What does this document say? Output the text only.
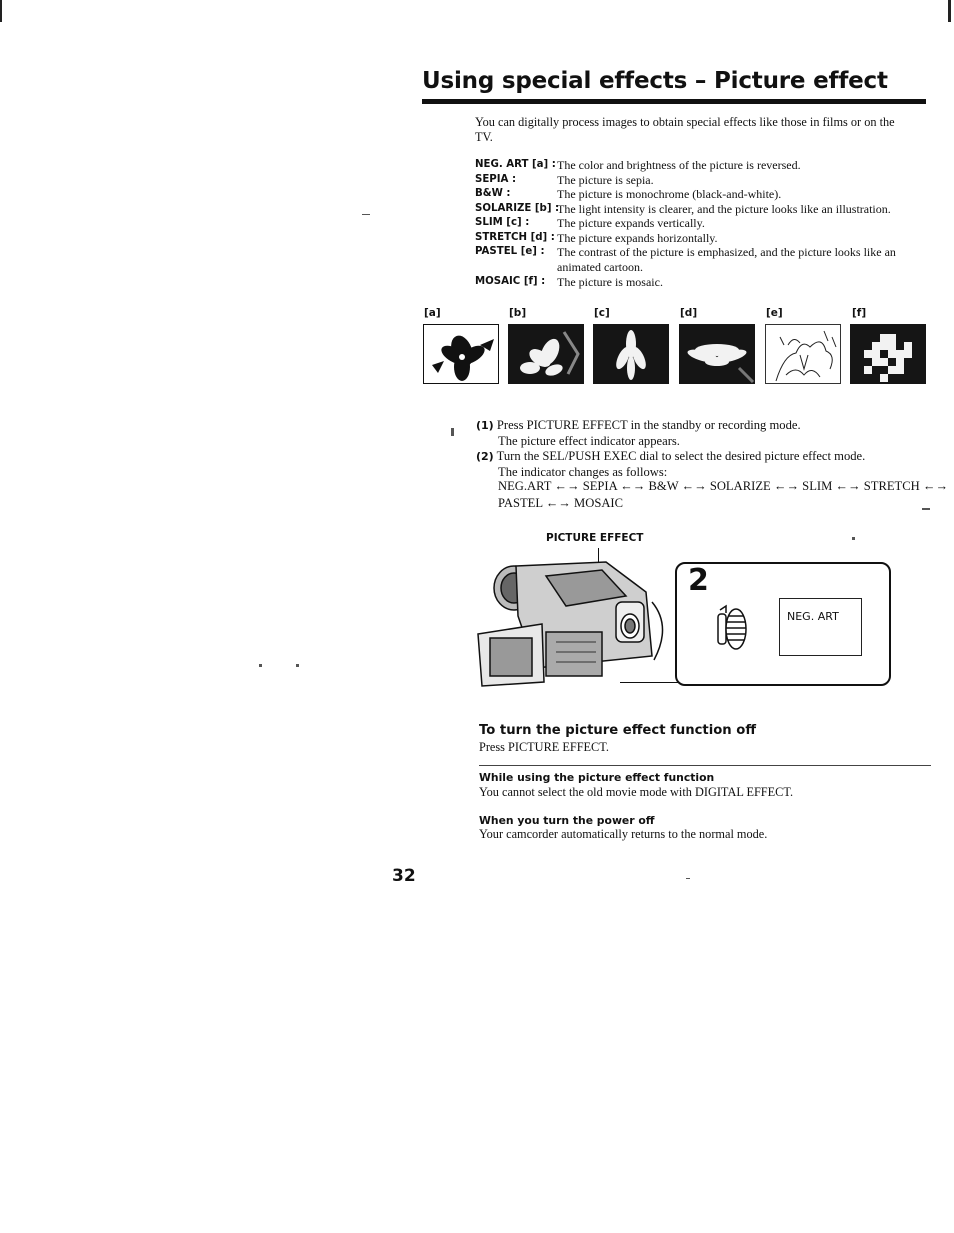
Using special effects – Picture effect
You can digitally process images to obtain special effects like those in films or on the TV.
NEG. ART [a] : The color and brightness of the picture is reversed.
SEPIA :	The picture is sepia.
B&W :	The picture is monochrome (black-and-white).
SOLARIZE [b] :
The light intensity is clearer, and the picture looks like an illustration.
SLIM [c] : The picture expands vertically.
STRETCH [d] : The picture expands horizontally.
PASTEL [e] : The contrast of the picture is emphasized, and the picture looks like an animated cartoon.
MOSAIC [f] : The picture is mosaic.
[a]	[b]	[c]	[d]	[e]	[f]
(1) Press PICTURE EFFECT in the standby or recording mode.
The picture effect indicator appears.
(2) Turn the SEL/PUSH EXEC dial to select the desired picture effect mode.
The indicator changes as follows:
NEG.ART ←→ SEPIA ←→ B&W ←→ SOLARIZE ←→ SLIM ←→ STRETCH ←→
PASTEL ←→ MOSAIC
PICTURE EFFECT
2
NEG. ART
To turn the picture effect function off
Press PICTURE EFFECT.
While using the picture effect function
You cannot select the old movie mode with DIGITAL EFFECT.
When you turn the power off
Your camcorder automatically returns to the normal mode.
32
